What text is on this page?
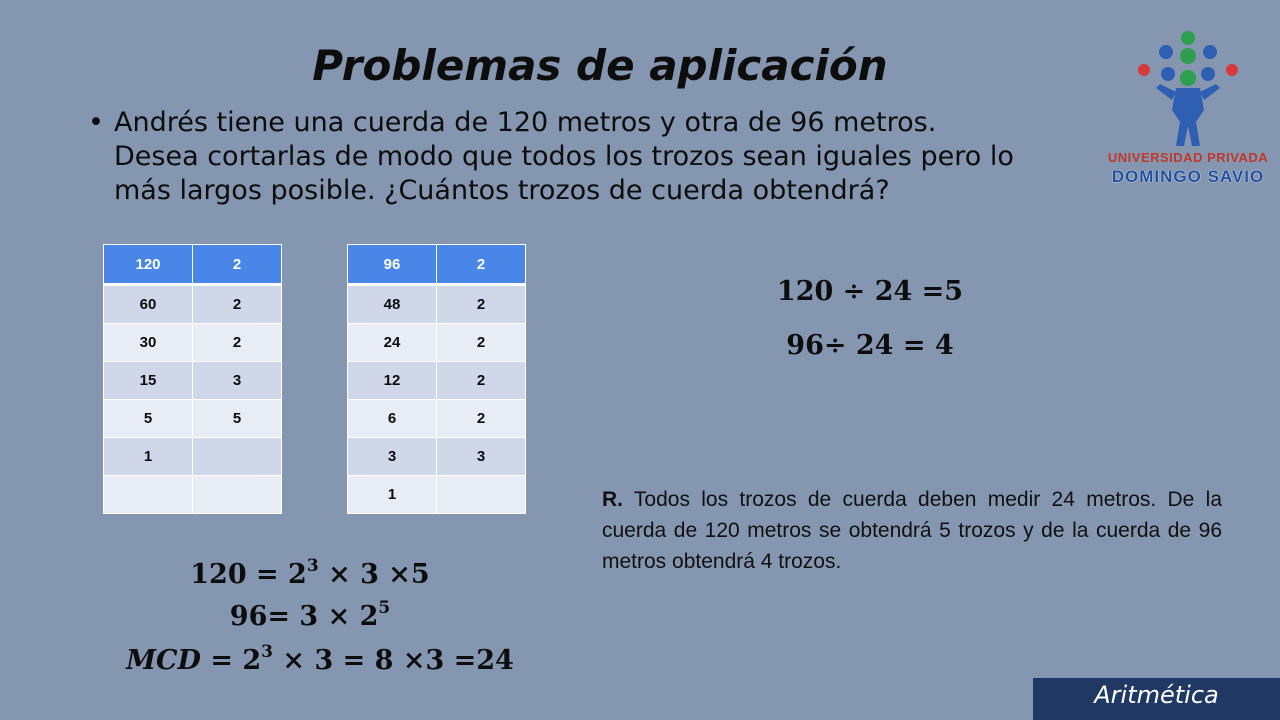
Problemas de aplicación
• Andrés tiene una cuerda de 120 metros y otra de 96 metros. Desea cortarlas de modo que todos los trozos sean iguales pero lo más largos posible. ¿Cuántos trozos de cuerda obtendrá?
120	2
60	2
30	2
15	3
5	5
1	

96	2
48	2
24	2
12	2
6	2
3	3
1	
120 ÷ 24 =5
96÷ 24 = 4
$120 = 2^3 \times 3 \times 5$
$96= 3 \times 2^5$
MCD = $2^3 \times 3 = 8 \times 3 =24$
R. Todos los trozos de cuerda deben medir 24 metros. De la cuerda de 120 metros se obtendrá 5 trozos y de la cuerda de 96 metros obtendrá 4 trozos.
UNIVERSIDAD PRIVADA
DOMINGO SAVIO
Aritmética
